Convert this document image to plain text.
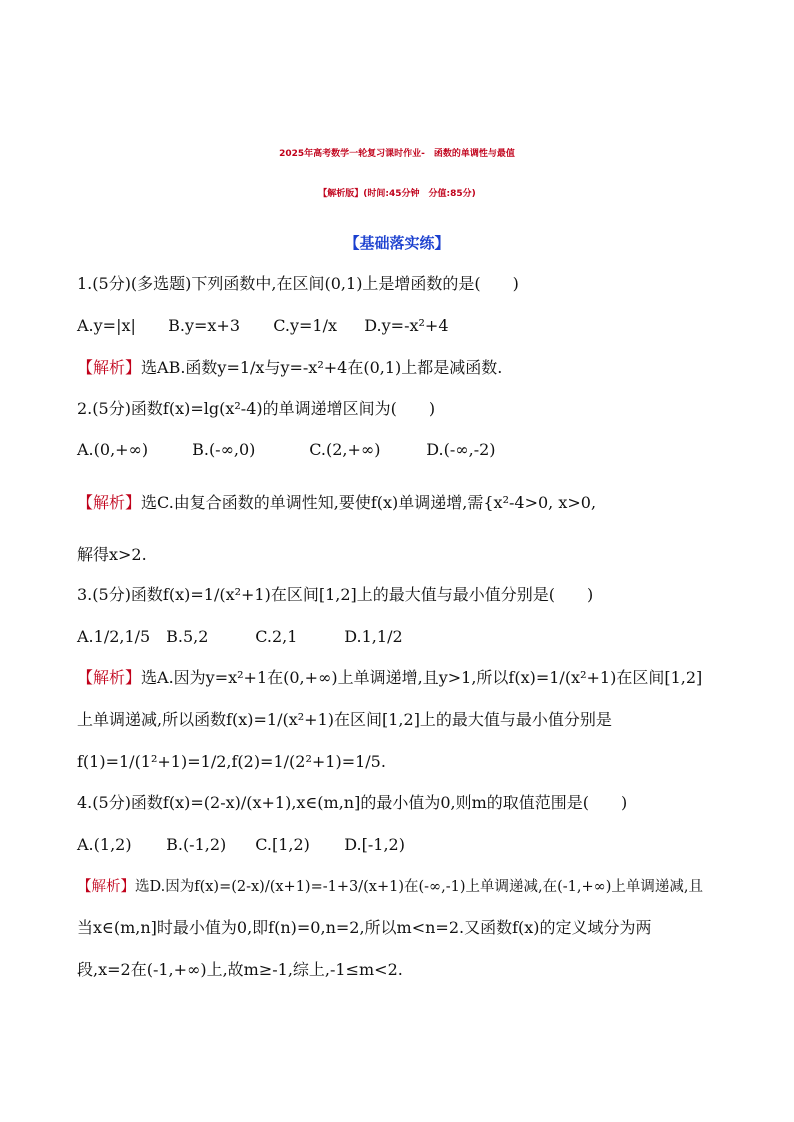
2025年高考数学一轮复习课时作业-　函数的单调性与最值
【解析版】(时间:45分钟　分值:85分)
【基础落实练】
1.(5分)(多选题)下列函数中,在区间(0,1)上是增函数的是(　　)
A.y=|x| B.y=x+3 C.y=1/x D.y=-x²+4
【解析】选AB.函数y=1/x与y=-x²+4在(0,1)上都是减函数.
2.(5分)函数f(x)=lg(x²-4)的单调递增区间为(　　)
A.(0,+∞)	B.(-∞,0)	C.(2,+∞)	D.(-∞,-2)
【解析】选C.由复合函数的单调性知,要使f(x)单调递增,需{x²-4>0, x>0,
解得x>2.
3.(5分)函数f(x)=1/(x²+1)在区间[1,2]上的最大值与最小值分别是(　　)
A.1/2,1/5 B.5,2	C.2,1	D.1,1/2
【解析】选A.因为y=x²+1在(0,+∞)上单调递增,且y>1,所以f(x)=1/(x²+1)在区间[1,2]
上单调递减,所以函数f(x)=1/(x²+1)在区间[1,2]上的最大值与最小值分别是
f(1)=1/(1²+1)=1/2,f(2)=1/(2²+1)=1/5.
4.(5分)函数f(x)=(2-x)/(x+1),x∈(m,n]的最小值为0,则m的取值范围是(　　)
A.(1,2) B.(-1,2) C.[1,2) D.[-1,2)
【解析】选D.因为f(x)=(2-x)/(x+1)=-1+3/(x+1)在(-∞,-1)上单调递减,在(-1,+∞)上单调递减,且
当x∈(m,n]时最小值为0,即f(n)=0,n=2,所以m<n=2.又函数f(x)的定义域分为两
段,x=2在(-1,+∞)上,故m≥-1,综上,-1≤m<2.
